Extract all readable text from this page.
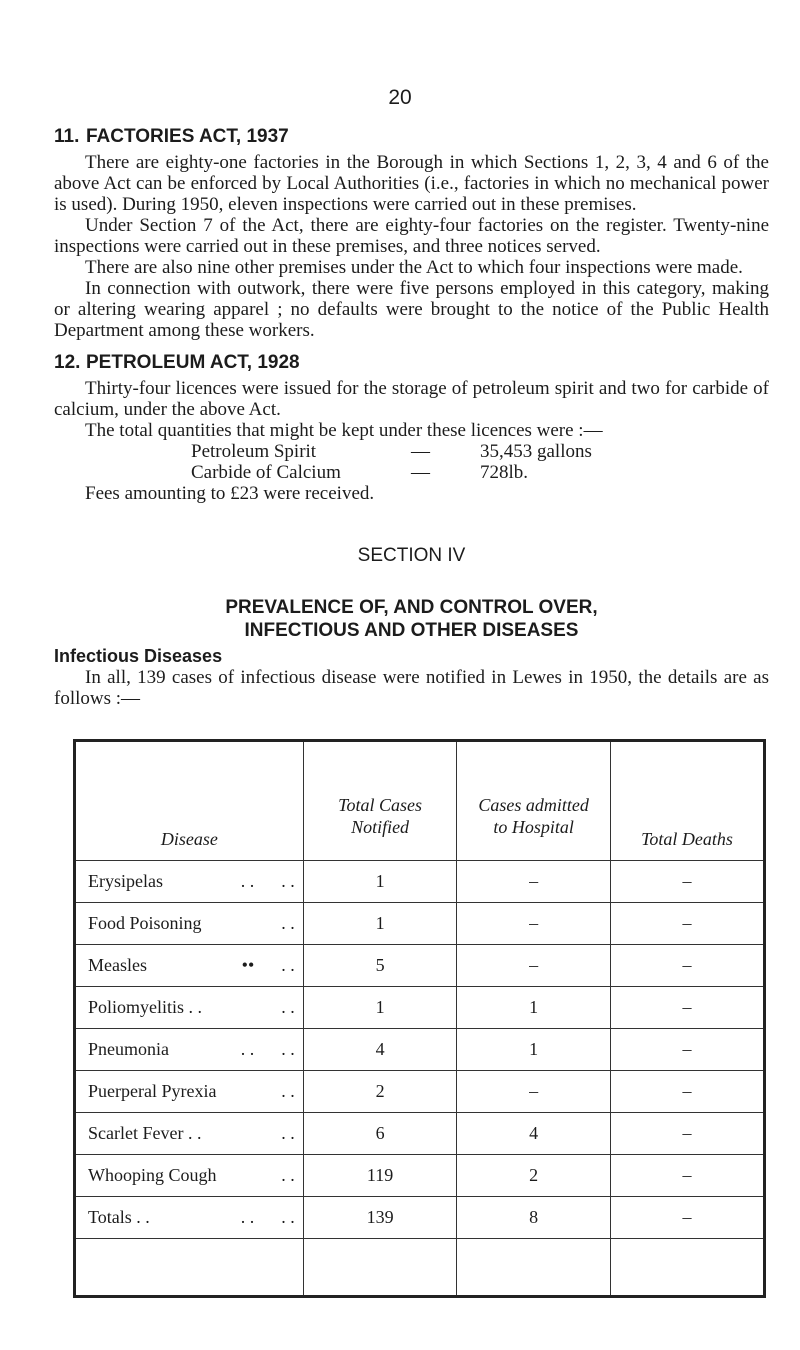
20
11. FACTORIES ACT, 1937

There are eighty-one factories in the Borough in which Sections 1, 2, 3, 4 and 6 of the above Act can be enforced by Local Authorities (i.e., factories in which no mechanical power is used). During 1950, eleven inspections were carried out in these premises.

Under Section 7 of the Act, there are eighty-four factories on the register. Twenty-nine inspections were carried out in these premises, and three notices served.

There are also nine other premises under the Act to which four inspections were made.

In connection with outwork, there were five persons employed in this category, making or altering wearing apparel ; no defaults were brought to the notice of the Public Health Department among these workers.

12. PETROLEUM ACT, 1928

Thirty-four licences were issued for the storage of petroleum spirit and two for carbide of calcium, under the above Act.

The total quantities that might be kept under these licences were :—

Petroleum Spirit	—	35,453 gallons
Carbide of Calcium	—	728lb.

Fees amounting to £23 were received.

SECTION IV
PREVALENCE OF, AND CONTROL OVER,
INFECTIOUS AND OTHER DISEASES
Infectious Diseases

In all, 139 cases of infectious disease were notified in Lewes in 1950, the details are as follows :—

Disease	Total Cases Notified	Cases admitted to Hospital	Total Deaths
Erysipelas . .      . .	1	–	–
Food Poisoning . .	1	–	–
Measles ••      . .	5	–	–
Poliomyelitis . . . .	1	1	–
Pneumonia . .      . .	4	1	–
Puerperal Pyrexia . .	2	–	–
Scarlet Fever . . . .	6	4	–
Whooping Cough . .	119	2	–
Totals . . . .      . .	139	8	–
